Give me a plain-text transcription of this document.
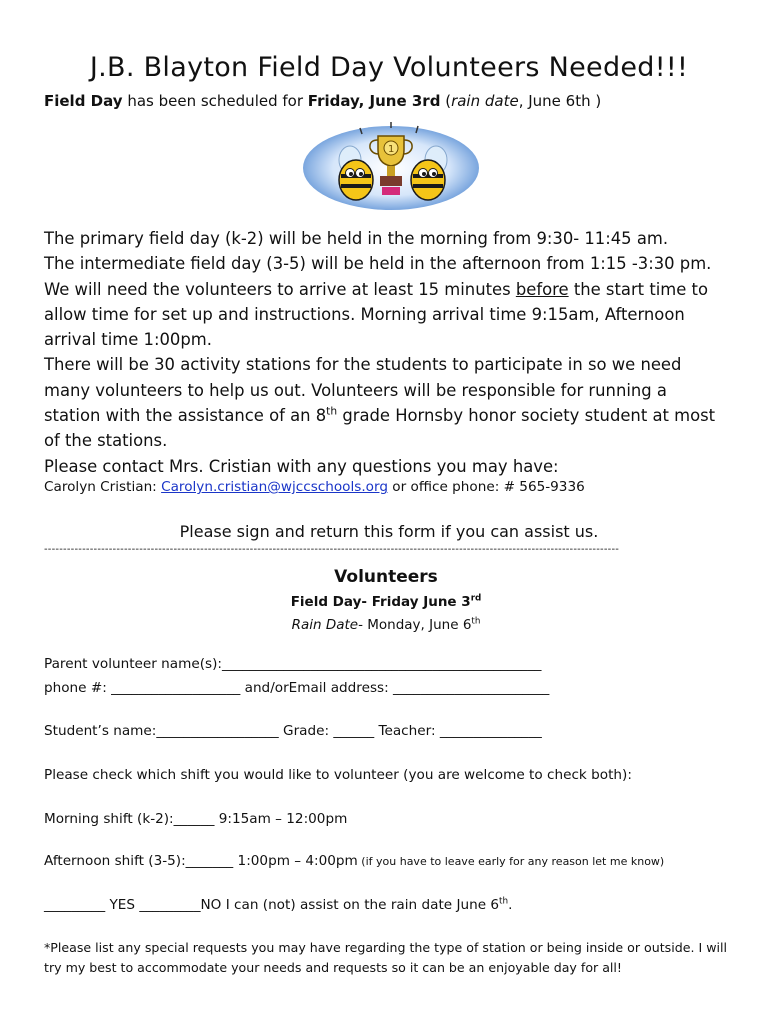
J.B. Blayton Field Day Volunteers Needed!!!
Field Day has been scheduled for Friday, June 3rd (rain date, June 6th )
1
The primary field day (k-2) will be held in the morning from 9:30- 11:45 am.
The intermediate field day (3-5) will be held in the afternoon from 1:15 -3:30 pm.
We will need the volunteers to arrive at least 15 minutes before the start time to
allow time for set up and instructions. Morning arrival time 9:15am, Afternoon
arrival time 1:00pm.
There will be 30 activity stations for the students to participate in so we need
many volunteers to help us out. Volunteers will be responsible for running a
station with the assistance of an 8th grade Hornsby honor society student at most
of the stations.
Please contact Mrs. Cristian with any questions you may have:
Carolyn Cristian: Carolyn.cristian@wjccschools.org or office phone: # 565-9336
Please sign and return this form if you can assist us.
-------------------------------------------------------------------------------------------------------------------------------------------------------
Volunteers
Field Day- Friday June 3rd
Rain Date- Monday, June 6th
Parent volunteer name(s):_______________________________________________
phone #: ___________________ and/orEmail address: _______________________
Student’s name:__________________ Grade: ______ Teacher: _______________
Please check which shift you would like to volunteer (you are welcome to check both):
Morning shift (k-2):______ 9:15am – 12:00pm
Afternoon shift (3-5):_______ 1:00pm – 4:00pm (if you have to leave early for any reason let me know)
_________ YES _________NO I can (not) assist on the rain date June 6th.
*Please list any special requests you may have regarding the type of station or being inside or outside. I will try my best to accommodate your needs and requests so it can be an enjoyable day for all!
